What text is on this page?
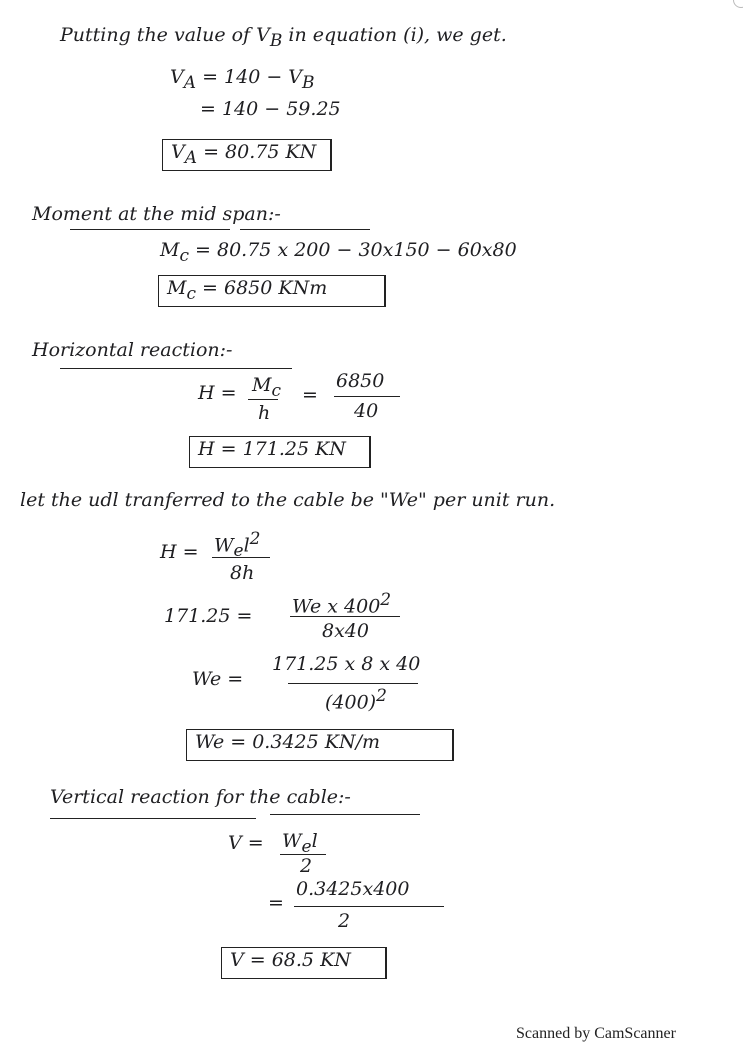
Putting the value of $V_B$ in equation (i), we get.
$V_A = 140 - V_B$
= 140 − 59.25
$V_A = 80.75$ KN
Moment at the mid span:-
$M_c = 80.75$ x 200 − 30x150 − 60x80
$M_c = 6850$ KNm
Horizontal reaction:-
$H = M_c$
h
=
6850
40
H = 171.25 KN
let the udl tranferred to the cable be "We" per unit run.
$H = W_el^2$
8h
171.25 = We x $400^2$
8x40
We =
171.25 x 8 x 40
$(400)^2$
We = 0.3425 KN/m
Vertical reaction for the cable:-
$V = W_el$
2
=
0.3425x400
2
V = 68.5 KN
Scanned by CamScanner
